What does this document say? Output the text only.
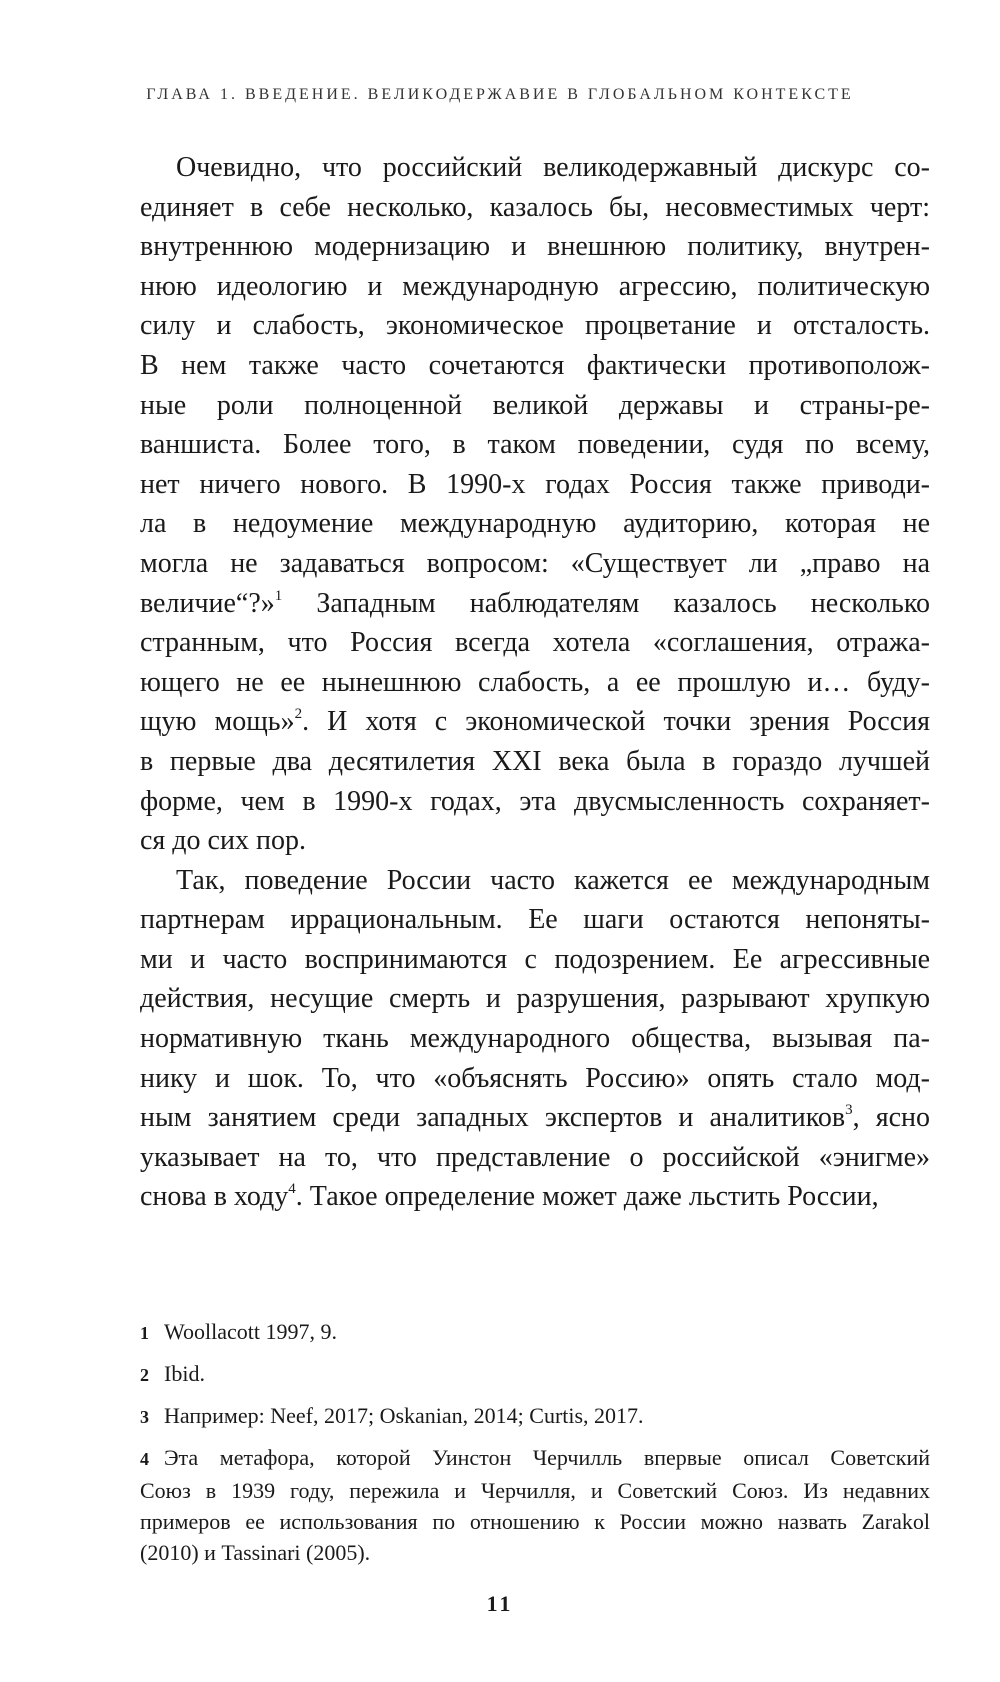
ГЛАВА 1. ВВЕДЕНИЕ. ВЕЛИКОДЕРЖАВИЕ В ГЛОБАЛЬНОМ КОНТЕКСТЕ
Очевидно, что российский великодержавный дискурс со-
единяет в себе несколько, казалось бы, несовместимых черт:
внутреннюю модернизацию и внешнюю политику, внутрен-
нюю идеологию и международную агрессию, политическую
силу и слабость, экономическое процветание и отсталость.
В нем также часто сочетаются фактически противополож-
ные роли полноценной великой державы и страны-ре-
ваншиста. Более того, в таком поведении, судя по всему,
нет ничего нового. В 1990-х годах Россия также приводи-
ла в недоумение международную аудиторию, которая не
могла не задаваться вопросом: «Существует ли „право на
величие“?»$^1$ Западным наблюдателям казалось несколько
странным, что Россия всегда хотела «соглашения, отража-
ющего не ее нынешнюю слабость, а ее прошлую и… буду-
щую мощь»$^2$. И хотя с экономической точки зрения Россия
в первые два десятилетия XXI века была в гораздо лучшей
форме, чем в 1990-х годах, эта двусмысленность сохраняет-
ся до сих пор.
Так, поведение России часто кажется ее международным
партнерам иррациональным. Ее шаги остаются непоняты-
ми и часто воспринимаются с подозрением. Ее агрессивные
действия, несущие смерть и разрушения, разрывают хрупкую
нормативную ткань международного общества, вызывая па-
нику и шок. То, что «объяснять Россию» опять стало мод-
ным занятием среди западных экспертов и аналитиков$^3$, ясно
указывает на то, что представление о российской «энигме»
снова в ходу$^4$. Такое определение может даже льстить России,
1 Woollacott 1997, 9.
2 Ibid.
3 Например: Neef, 2017; Oskanian, 2014; Curtis, 2017.
4 Эта метафора, которой Уинстон Черчилль впервые описал Советский
Союз в 1939 году, пережила и Черчилля, и Советский Союз. Из недавних
примеров ее использования по отношению к России можно назвать Zarakol
(2010) и Tassinari (2005).
11
